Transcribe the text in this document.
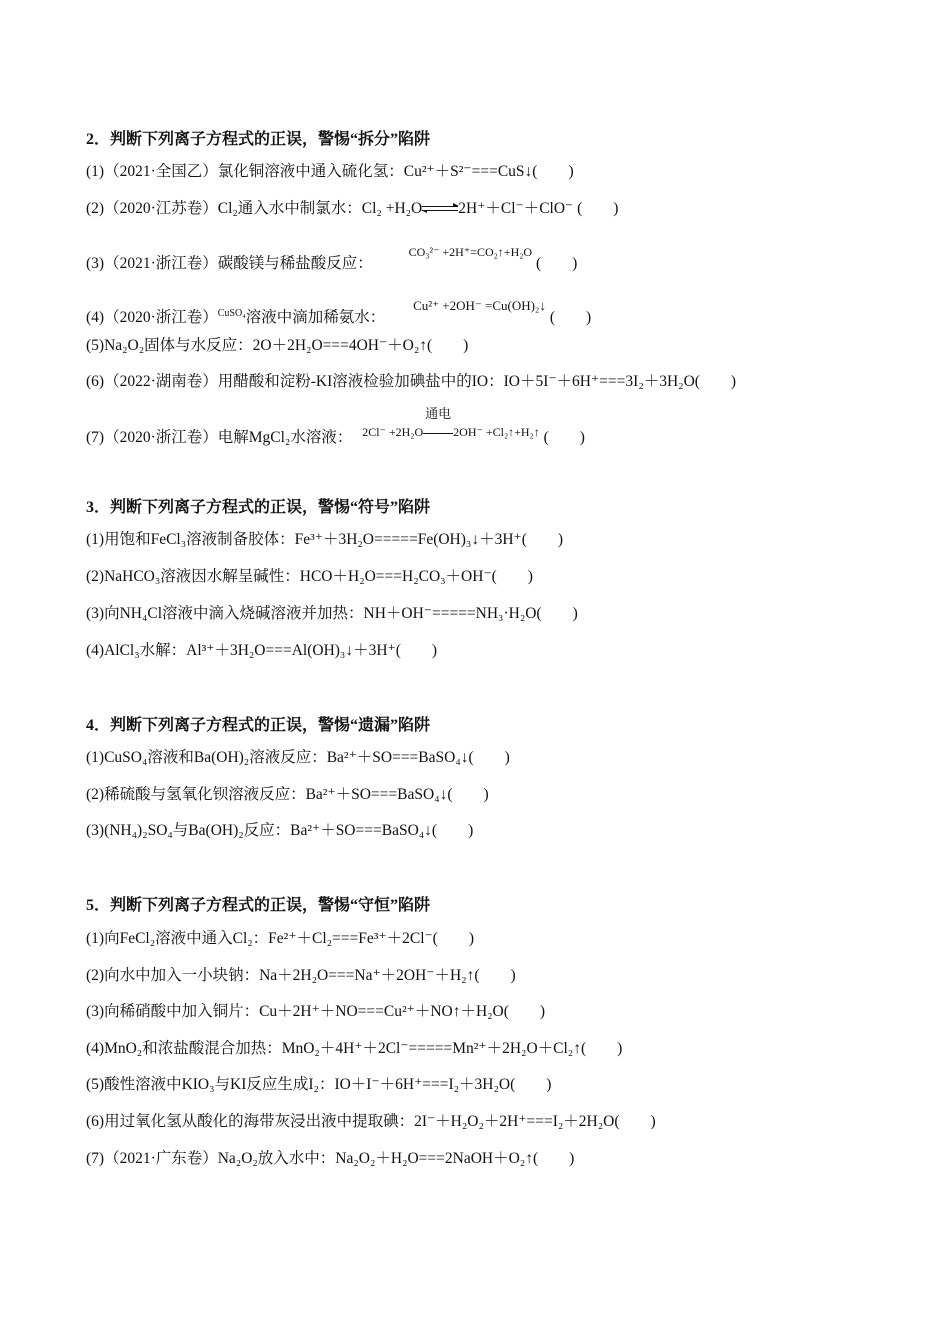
2．判断下列离子方程式的正误，警惕“拆分”陷阱
(1)（2021·全国乙）氯化铜溶液中通入硫化氢：Cu²⁺＋S²⁻===CuS↓(　　)
(2)（2020·江苏卷）Cl₂通入水中制氯水：Cl₂ +H₂O 2H⁺＋Cl⁻＋ClO⁻ (　　)
(3)（2021·浙江卷）碳酸镁与稀盐酸反应： CO₃²⁻ +2H⁺=CO₂↑+H₂O (　　)
(4)（2020·浙江卷）$^{CuSO_4}$溶液中滴加稀氨水： Cu²⁺ +2OH⁻ =Cu(OH)₂↓ (　　)
(5)Na₂O₂固体与水反应：2O＋2H₂O===4OH⁻＋O₂↑(　　)
(6)（2022·湖南卷）用醋酸和淀粉-KI溶液检验加碘盐中的IO：IO＋5I⁻＋6H⁺===3I₂＋3H₂O(　　)
(7)（2020·浙江卷）电解MgCl₂水溶液： 2Cl⁻ +2H₂O
通电
2OH⁻ +Cl₂↑+H₂↑ (　　)
3．判断下列离子方程式的正误，警惕“符号”陷阱
(1)用饱和FeCl₃溶液制备胶体：Fe³⁺＋3H₂O=====Fe(OH)₃↓＋3H⁺(　　)
(2)NaHCO₃溶液因水解呈碱性：HCO＋H₂O===H₂CO₃＋OH⁻(　　)
(3)向NH₄Cl溶液中滴入烧碱溶液并加热：NH＋OH⁻=====NH₃·H₂O(　　)
(4)AlCl₃水解：Al³⁺＋3H₂O===Al(OH)₃↓＋3H⁺(　　)
4．判断下列离子方程式的正误，警惕“遗漏”陷阱
(1)CuSO₄溶液和Ba(OH)₂溶液反应：Ba²⁺＋SO===BaSO₄↓(　　)
(2)稀硫酸与氢氧化钡溶液反应：Ba²⁺＋SO===BaSO₄↓(　　)
(3)(NH₄)₂SO₄与Ba(OH)₂反应：Ba²⁺＋SO===BaSO₄↓(　　)
5．判断下列离子方程式的正误，警惕“守恒”陷阱
(1)向FeCl₂溶液中通入Cl₂：Fe²⁺＋Cl₂===Fe³⁺＋2Cl⁻(　　)
(2)向水中加入一小块钠：Na＋2H₂O===Na⁺＋2OH⁻＋H₂↑(　　)
(3)向稀硝酸中加入铜片：Cu＋2H⁺＋NO===Cu²⁺＋NO↑＋H₂O(　　)
(4)MnO₂和浓盐酸混合加热：MnO₂＋4H⁺＋2Cl⁻=====Mn²⁺＋2H₂O＋Cl₂↑(　　)
(5)酸性溶液中KIO₃与KI反应生成I₂：IO＋I⁻＋6H⁺===I₂＋3H₂O(　　)
(6)用过氧化氢从酸化的海带灰浸出液中提取碘：2I⁻＋H₂O₂＋2H⁺===I₂＋2H₂O(　　)
(7)（2021·广东卷）Na₂O₂放入水中：Na₂O₂＋H₂O===2NaOH＋O₂↑(　　)
